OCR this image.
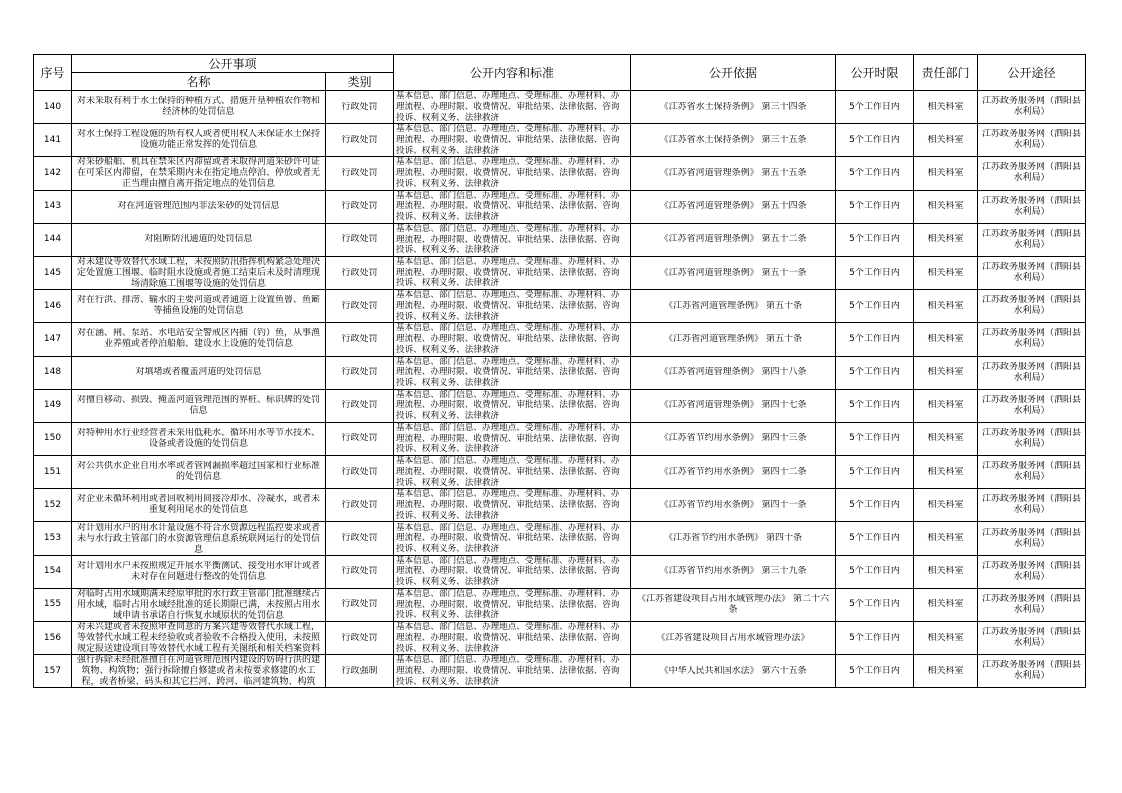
序号	公开事项		公开内容和标准	公开依据	公开时限	责任部门	公开途径
	名称	类别					

140	对未采取有利于水土保持的种植方式、措施开垦种植农作物和经济林的处罚信息	行政处罚	基本信息、部门信息、办理地点、受理标准、办理材料、办理流程、办理时限、收费情况、审批结果、法律依据、咨询投诉、权利义务、法律救济	《江苏省水土保持条例》 第三十四条	5个工作日内	相关科室	江苏政务服务网（泗阳县水利局）

141	对水土保持工程设施的所有权人或者使用权人未保证水土保持设施功能正常发挥的处罚信息	行政处罚	基本信息、部门信息、办理地点、受理标准、办理材料、办理流程、办理时限、收费情况、审批结果、法律依据、咨询投诉、权利义务、法律救济	《江苏省水土保持条例》 第三十五条	5个工作日内	相关科室	江苏政务服务网（泗阳县水利局）

142	对采砂船舶、机具在禁采区内滞留或者未取得河道采砂许可证在可采区内滞留，在禁采期内未在指定地点停泊、停放或者无正当理由擅自离开指定地点的处罚信息	行政处罚	基本信息、部门信息、办理地点、受理标准、办理材料、办理流程、办理时限、收费情况、审批结果、法律依据、咨询投诉、权利义务、法律救济	《江苏省河道管理条例》 第五十五条	5个工作日内	相关科室	江苏政务服务网（泗阳县水利局）

143	对在河道管理范围内非法采砂的处罚信息	行政处罚	基本信息、部门信息、办理地点、受理标准、办理材料、办理流程、办理时限、收费情况、审批结果、法律依据、咨询投诉、权利义务、法律救济	《江苏省河道管理条例》 第五十四条	5个工作日内	相关科室	江苏政务服务网（泗阳县水利局）

144	对阻断防汛通道的处罚信息	行政处罚	基本信息、部门信息、办理地点、受理标准、办理材料、办理流程、办理时限、收费情况、审批结果、法律依据、咨询投诉、权利义务、法律救济	《江苏省河道管理条例》 第五十二条	5个工作日内	相关科室	江苏政务服务网（泗阳县水利局）

145	对未建设等效替代水域工程，未按照防汛指挥机构紧急处理决定处置施工围堰、临时阻水设施或者施工结束后未及时清理现场清除施工围堰等设施的处罚信息	行政处罚	基本信息、部门信息、办理地点、受理标准、办理材料、办理流程、办理时限、收费情况、审批结果、法律依据、咨询投诉、权利义务、法律救济	《江苏省河道管理条例》 第五十一条	5个工作日内	相关科室	江苏政务服务网（泗阳县水利局）

146	对在行洪、排涝、输水的主要河道或者通道上设置鱼罾、鱼簖等捕鱼设施的处罚信息	行政处罚	基本信息、部门信息、办理地点、受理标准、办理材料、办理流程、办理时限、收费情况、审批结果、法律依据、咨询投诉、权利义务、法律救济	《江苏省河道管理条例》 第五十条	5个工作日内	相关科室	江苏政务服务网（泗阳县水利局）

147	对在涵、闸、泵站、水电站安全警戒区内捕（钓）鱼，从事渔业养殖或者停泊船舶、建设水上设施的处罚信息	行政处罚	基本信息、部门信息、办理地点、受理标准、办理材料、办理流程、办理时限、收费情况、审批结果、法律依据、咨询投诉、权利义务、法律救济	《江苏省河道管理条例》 第五十条	5个工作日内	相关科室	江苏政务服务网（泗阳县水利局）

148	对填堵或者覆盖河道的处罚信息	行政处罚	基本信息、部门信息、办理地点、受理标准、办理材料、办理流程、办理时限、收费情况、审批结果、法律依据、咨询投诉、权利义务、法律救济	《江苏省河道管理条例》 第四十八条	5个工作日内	相关科室	江苏政务服务网（泗阳县水利局）

149	对擅自移动、损毁、掩盖河道管理范围的界桩、标识牌的处罚信息	行政处罚	基本信息、部门信息、办理地点、受理标准、办理材料、办理流程、办理时限、收费情况、审批结果、法律依据、咨询投诉、权利义务、法律救济	《江苏省河道管理条例》 第四十七条	5个工作日内	相关科室	江苏政务服务网（泗阳县水利局）

150	对特种用水行业经营者未采用低耗水、循环用水等节水技术、设备或者设施的处罚信息	行政处罚	基本信息、部门信息、办理地点、受理标准、办理材料、办理流程、办理时限、收费情况、审批结果、法律依据、咨询投诉、权利义务、法律救济	《江苏省节约用水条例》 第四十三条	5个工作日内	相关科室	江苏政务服务网（泗阳县水利局）

151	对公共供水企业自用水率或者管网漏损率超过国家和行业标准的处罚信息	行政处罚	基本信息、部门信息、办理地点、受理标准、办理材料、办理流程、办理时限、收费情况、审批结果、法律依据、咨询投诉、权利义务、法律救济	《江苏省节约用水条例》 第四十二条	5个工作日内	相关科室	江苏政务服务网（泗阳县水利局）

152	对企业未循环利用或者回收利用间接冷却水、冷凝水，或者未重复利用尾水的处罚信息	行政处罚	基本信息、部门信息、办理地点、受理标准、办理材料、办理流程、办理时限、收费情况、审批结果、法律依据、咨询投诉、权利义务、法律救济	《江苏省节约用水条例》 第四十一条	5个工作日内	相关科室	江苏政务服务网（泗阳县水利局）

153	对计划用水户的用水计量设施不符合水资源远程监控要求或者未与水行政主管部门的水资源管理信息系统联网运行的处罚信息	行政处罚	基本信息、部门信息、办理地点、受理标准、办理材料、办理流程、办理时限、收费情况、审批结果、法律依据、咨询投诉、权利义务、法律救济	《江苏省节约用水条例》 第四十条	5个工作日内	相关科室	江苏政务服务网（泗阳县水利局）

154	对计划用水户未按照规定开展水平衡测试、接受用水审计或者未对存在问题进行整改的处罚信息	行政处罚	基本信息、部门信息、办理地点、受理标准、办理材料、办理流程、办理时限、收费情况、审批结果、法律依据、咨询投诉、权利义务、法律救济	《江苏省节约用水条例》 第三十九条	5个工作日内	相关科室	江苏政务服务网（泗阳县水利局）

155	对临时占用水域期满未经原审批的水行政主管部门批准继续占用水域，临时占用水域经批准的延长期限已满，未按照占用水域申请书承诺自行恢复水域原状的处罚信息	行政处罚	基本信息、部门信息、办理地点、受理标准、办理材料、办理流程、办理时限、收费情况、审批结果、法律依据、咨询投诉、权利义务、法律救济	《江苏省建设项目占用水域管理办法》 第二十六条	5个工作日内	相关科室	江苏政务服务网（泗阳县水利局）

156	对未兴建或者未按照审查同意的方案兴建等效替代水域工程，等效替代水域工程未经验收或者验收不合格投入使用，未按照规定报送建设项目等效替代水域工程有关图纸和相关档案资料	行政处罚	基本信息、部门信息、办理地点、受理标准、办理材料、办理流程、办理时限、收费情况、审批结果、法律依据、咨询投诉、权利义务、法律救济	《江苏省建设项目占用水域管理办法》	5个工作日内	相关科室	江苏政务服务网（泗阳县水利局）

157	强行拆除未经批准擅自在河道管理范围内建设的妨碍行洪的建筑物、构筑物；强行拆除擅自修建或者未按要求修建的水工程，或者桥梁、码头和其它拦河、跨河、临河建筑物、构筑	行政强制	基本信息、部门信息、办理地点、受理标准、办理材料、办理流程、办理时限、收费情况、审批结果、法律依据、咨询投诉、权利义务、法律救济	《中华人民共和国水法》 第六十五条	5个工作日内	相关科室	江苏政务服务网（泗阳县水利局）
